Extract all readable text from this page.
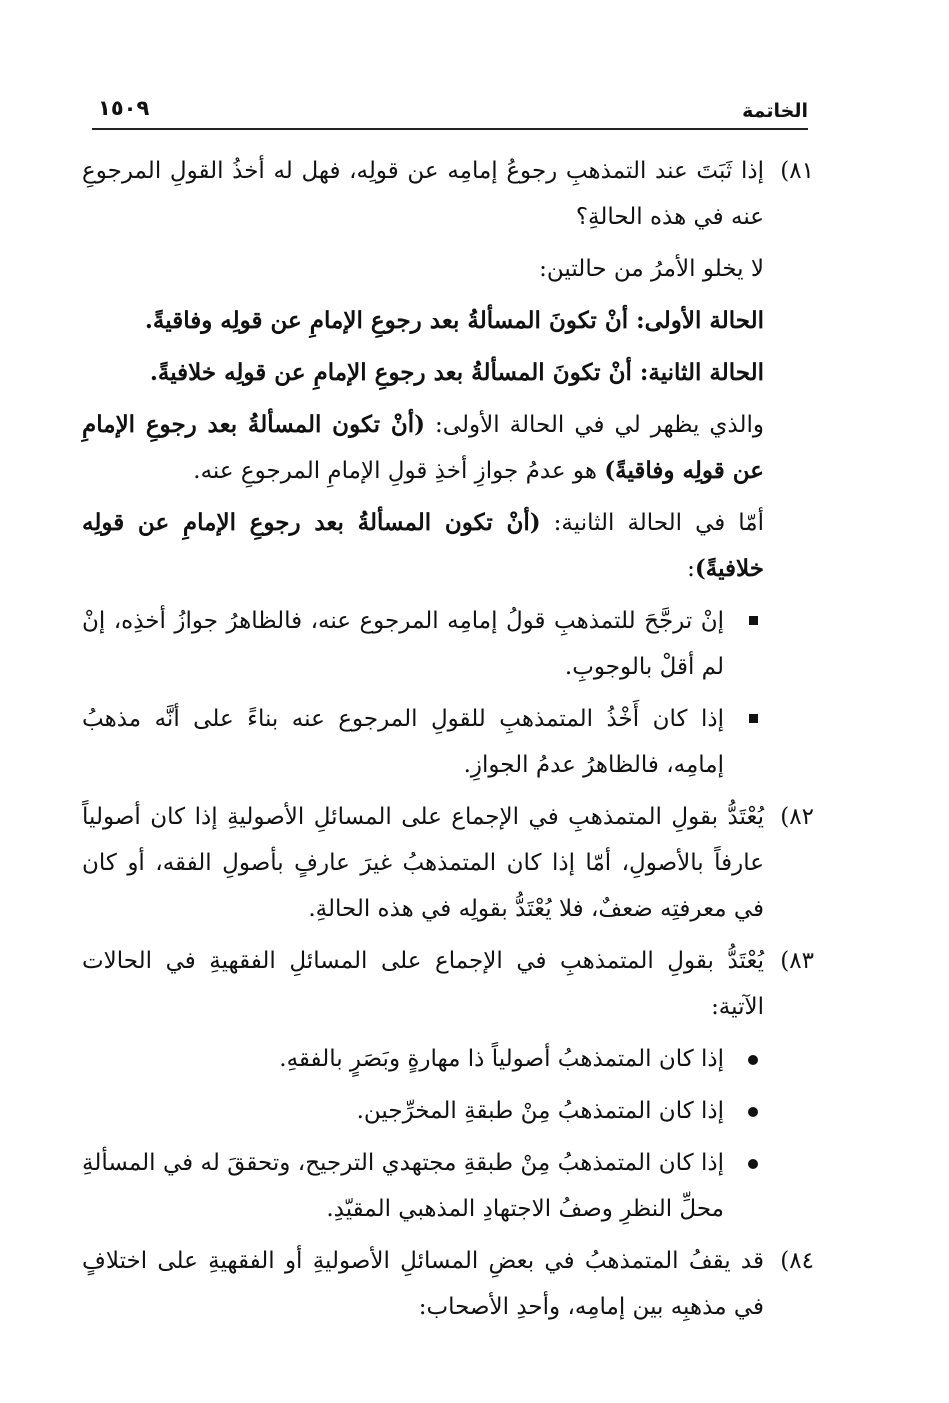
الخاتمة
١٥٠٩
٨١)
إذا ثَبَتَ عند التمذهبِ رجوعُ إمامِه عن قولِه، فهل له أخذُ القولِ المرجوعِ عنه في هذه الحالةِ؟
لا يخلو الأمرُ من حالتين:
الحالة الأولى: أنْ تكونَ المسألةُ بعد رجوعِ الإمامِ عن قولِه وفاقيةً.
الحالة الثانية: أنْ تكونَ المسألةُ بعد رجوعِ الإمامِ عن قولِه خلافيةً.
والذي يظهر لي في الحالة الأولى: (أنْ تكون المسألةُ بعد رجوعِ الإمامِ عن قولِه وفاقيةً) هو عدمُ جوازِ أخذِ قولِ الإمامِ المرجوعِ عنه.
أمّا في الحالة الثانية: (أنْ تكون المسألةُ بعد رجوعِ الإمامِ عن قولِه خلافيةً):
إنْ ترجَّحَ للتمذهبِ قولُ إمامِه المرجوع عنه، فالظاهرُ جوازُ أخذِه، إنْ لم أقلْ بالوجوبِ.
إذا كان أَخْذُ المتمذهبِ للقولِ المرجوع عنه بناءً على أنَّه مذهبُ إمامِه، فالظاهرُ عدمُ الجوازِ.
٨٢)
يُعْتَدُّ بقولِ المتمذهبِ في الإجماع على المسائلِ الأصوليةِ إذا كان أصولياً عارفاً بالأصولِ، أمّا إذا كان المتمذهبُ غيرَ عارفٍ بأصولِ الفقه، أو كان في معرفتِه ضعفٌ، فلا يُعْتَدُّ بقولِه في هذه الحالةِ.
٨٣)
يُعْتَدُّ بقولِ المتمذهبِ في الإجماع على المسائلِ الفقهيةِ في الحالات الآتية:
إذا كان المتمذهبُ أصولياً ذا مهارةٍ وبَصَرٍ بالفقهِ.
إذا كان المتمذهبُ مِنْ طبقةِ المخرِّجين.
إذا كان المتمذهبُ مِنْ طبقةِ مجتهدي الترجيح، وتحققَ له في المسألةِ محلِّ النظرِ وصفُ الاجتهادِ المذهبي المقيّدِ.
٨٤)
قد يقفُ المتمذهبُ في بعضِ المسائلِ الأصوليةِ أو الفقهيةِ على اختلافٍ في مذهبِه بين إمامِه، وأحدِ الأصحاب:
